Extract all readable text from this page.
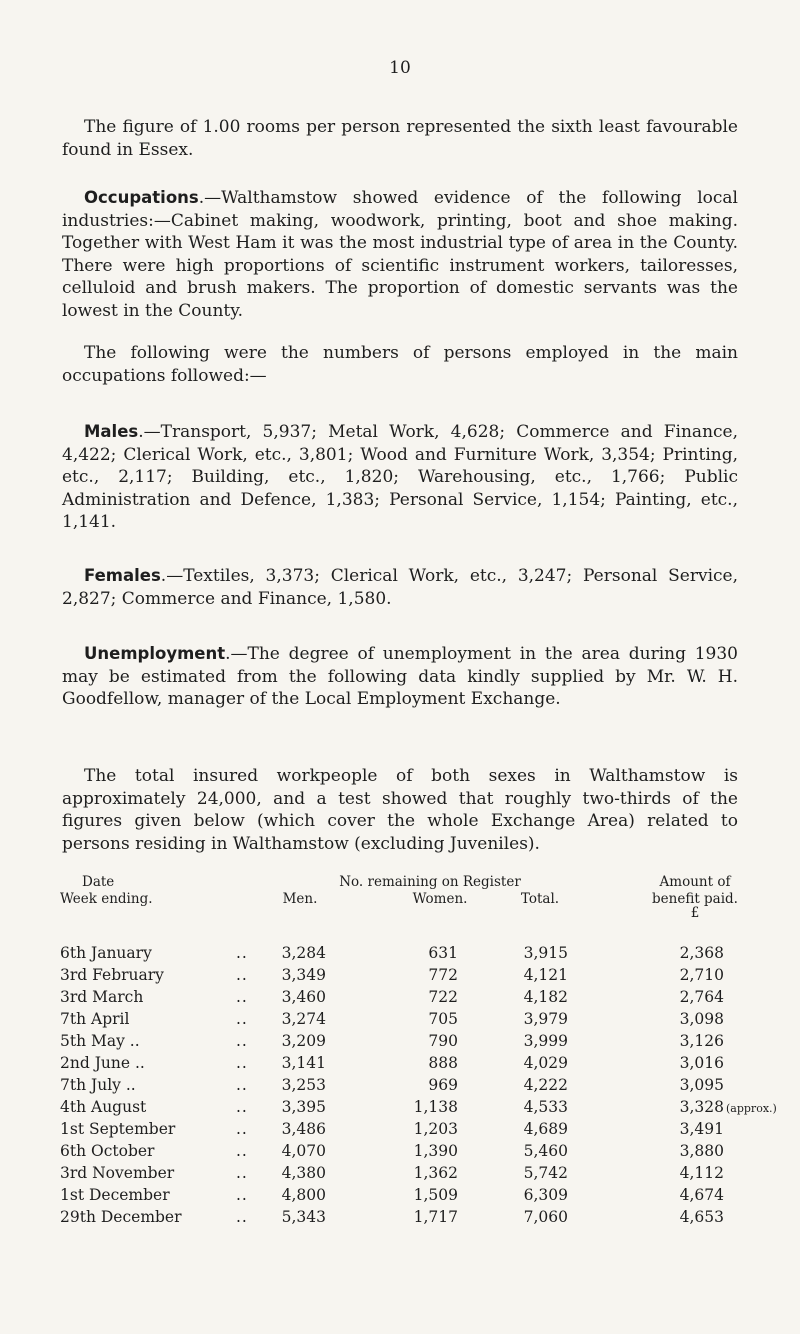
10
The figure of 1.00 rooms per person represented the sixth least favourable found in Essex.
Occupations.—Walthamstow showed evidence of the following local industries:—Cabinet making, woodwork, printing, boot and shoe making. Together with West Ham it was the most industrial type of area in the County. There were high proportions of scientific instrument workers, tailoresses, celluloid and brush makers. The proportion of domestic servants was the lowest in the County.
The following were the numbers of persons employed in the main occupations followed:—
Males.—Transport, 5,937; Metal Work, 4,628; Commerce and Finance, 4,422; Clerical Work, etc., 3,801; Wood and Furniture Work, 3,354; Printing, etc., 2,117; Building, etc., 1,820; Warehousing, etc., 1,766; Public Administration and Defence, 1,383; Personal Service, 1,154; Painting, etc., 1,141.
Females.—Textiles, 3,373; Clerical Work, etc., 3,247; Personal Service, 2,827; Commerce and Finance, 1,580.
Unemployment.—The degree of unemployment in the area during 1930 may be estimated from the following data kindly supplied by Mr. W. H. Goodfellow, manager of the Local Employment Exchange.
The total insured workpeople of both sexes in Walthamstow is approximately 24,000, and a test showed that roughly two-thirds of the figures given below (which cover the whole Exchange Area) related to persons residing in Walthamstow (excluding Juveniles).
Date
Week ending.
No. remaining on Register
Men.	Women.	Total.
Amount of
benefit paid.
£
6th January	..	3,284	631	3,915	2,368
3rd February	..	3,349	772	4,121	2,710
3rd March	..	3,460	722	4,182	2,764
7th April	..	3,274	705	3,979	3,098
5th May ..	..	3,209	790	3,999	3,126
2nd June ..	..	3,141	888	4,029	3,016
7th July ..	..	3,253	969	4,222	3,095
4th August	..	3,395	1,138	4,533	3,328 (approx.)
1st September	..	3,486	1,203	4,689	3,491
6th October	..	4,070	1,390	5,460	3,880
3rd November	..	4,380	1,362	5,742	4,112
1st December	..	4,800	1,509	6,309	4,674
29th December	..	5,343	1,717	7,060	4,653
